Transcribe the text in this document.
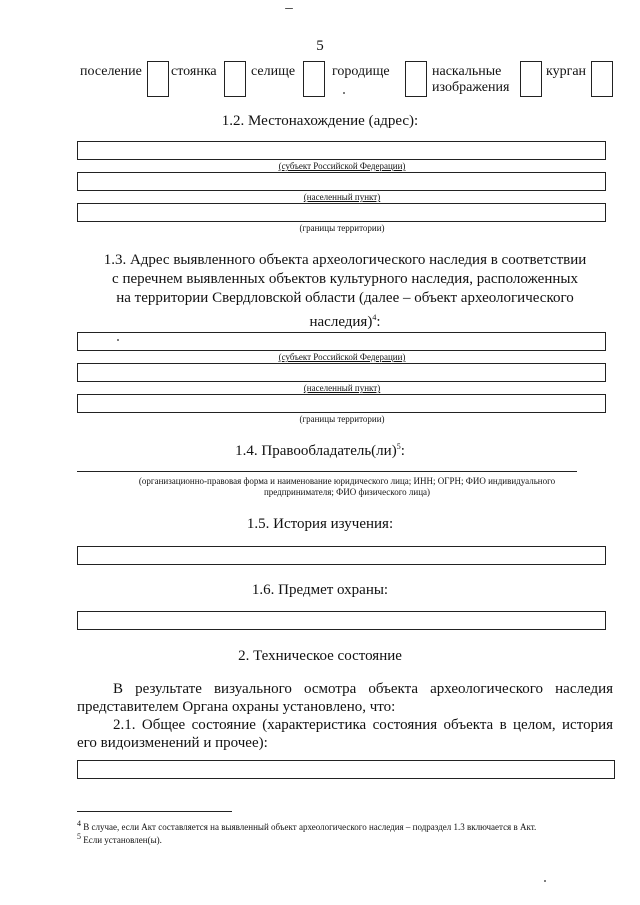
5
поселение стоянка селище	городище	наскальные
изображения
курган
1.2. Местонахождение (адрес):
(субъект Российской Федерации)
(населенный пункт)
(границы территории)
1.3. Адрес выявленного объекта археологического наследия в соответствии
с перечнем выявленных объектов культурного наследия, расположенных
на территории Свердловской области (далее – объект археологического
наследия)$^4$:
(субъект Российской Федерации)
(населенный пункт)
(границы территории)
1.4. Правообладатель(ли)$^5$:
(организационно-правовая форма и наименование юридического лица; ИНН; ОГРН; ФИО индивидуального
предпринимателя; ФИО физического лица)
1.5. История изучения:
1.6. Предмет охраны:
2. Техническое состояние
В результате визуального осмотра объекта археологического наследия
представителем Органа охраны установлено, что:
2.1. Общее состояние (характеристика состояния объекта в целом, история
его видоизменений и прочее):
$^4$ В случае, если Акт составляется на выявленный объект археологического наследия – подраздел 1.3 включается в Акт.
$^5$ Если установлен(ы).
